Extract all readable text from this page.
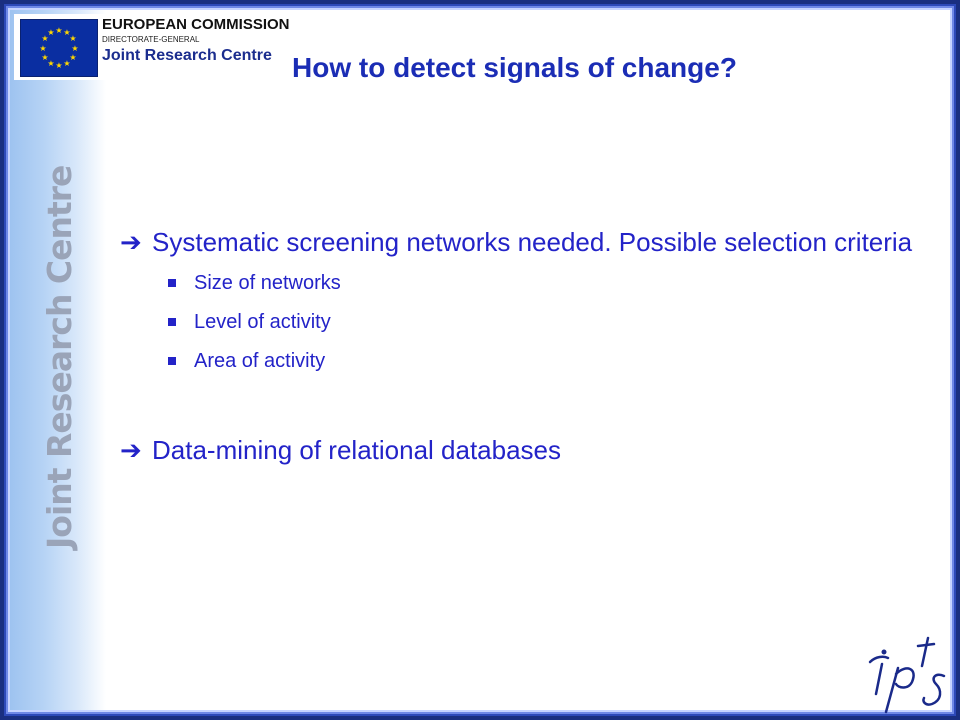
Joint Research Centre
★ ★
★
★
★
★
★
★
★
★
★
★	EUROPEAN COMMISSION
DIRECTORATE-GENERAL
Joint Research Centre How to detect signals of change?
➔ Systematic screening networks needed. Possible selection criteria
Size of networks
Level of activity
Area of activity
➔ Data-mining of relational databases
